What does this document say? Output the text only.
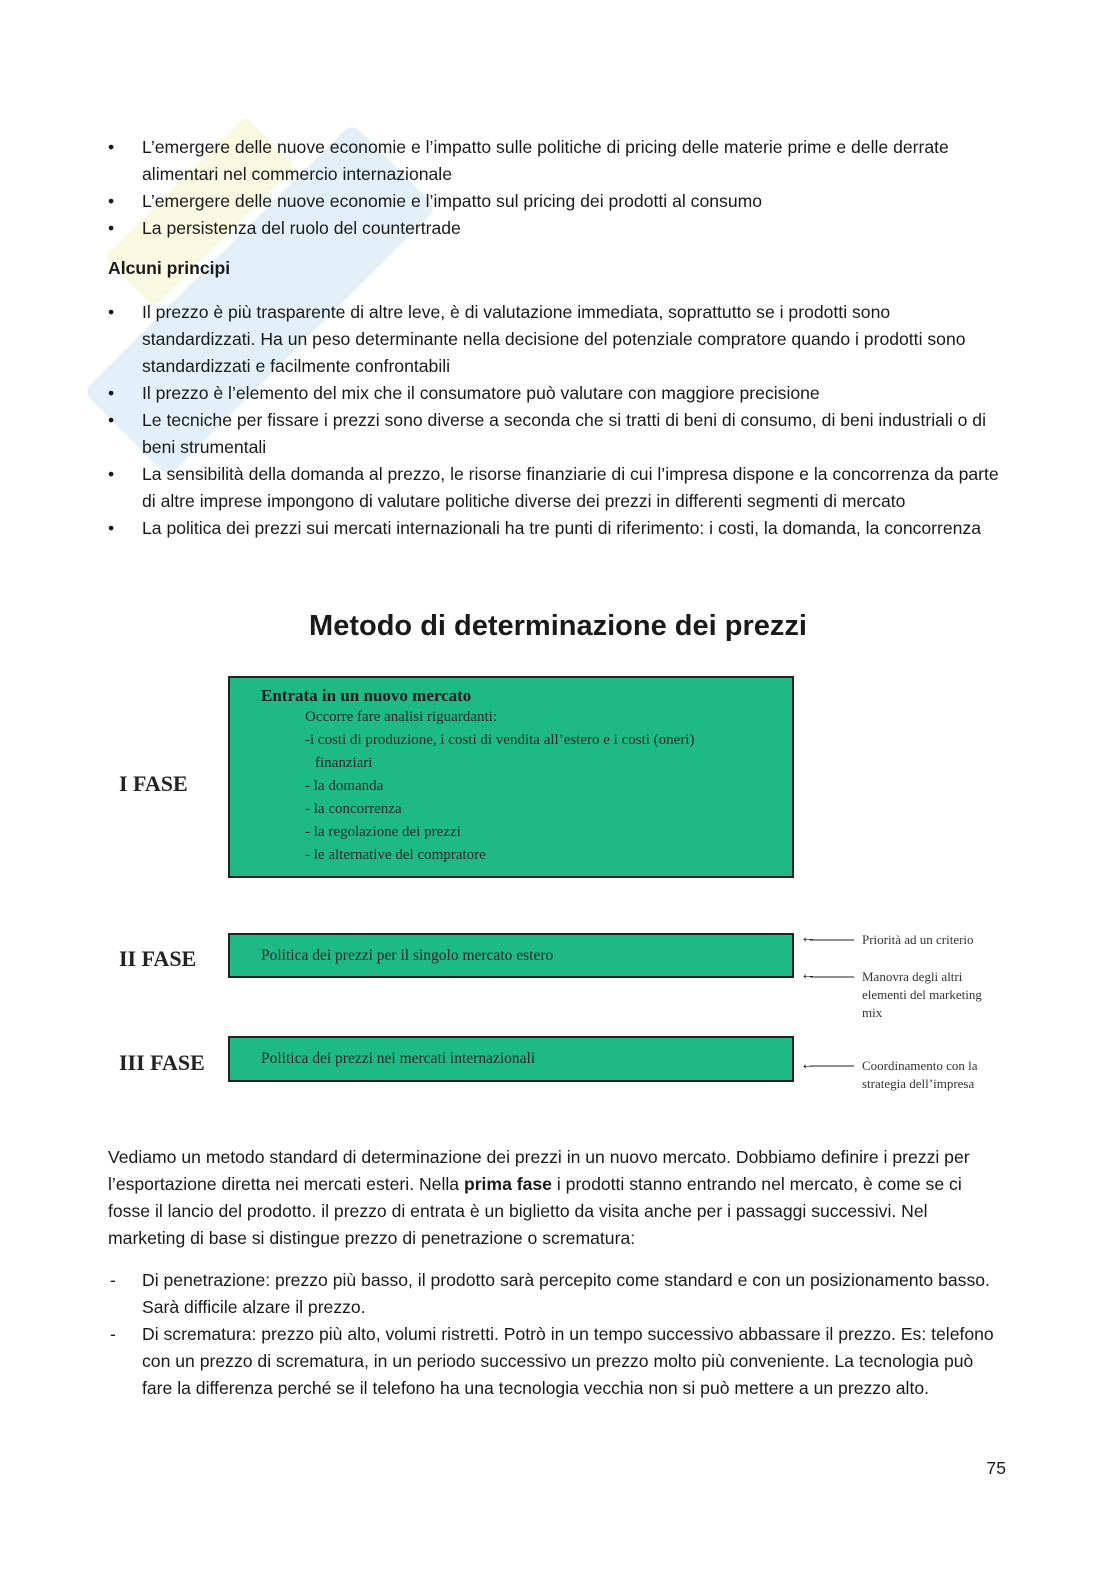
•	L’emergere delle nuove economie e l’impatto sulle politiche di pricing delle materie prime e delle derrate alimentari nel commercio internazionale
•	L’emergere delle nuove economie e l’impatto sul pricing dei prodotti al consumo
•	La persistenza del ruolo del countertrade
Alcuni principi
•	Il prezzo è più trasparente di altre leve, è di valutazione immediata, soprattutto se i prodotti sono standardizzati. Ha un peso determinante nella decisione del potenziale compratore quando i prodotti sono standardizzati e facilmente confrontabili
•	Il prezzo è l’elemento del mix che il consumatore può valutare con maggiore precisione
•	Le tecniche per fissare i prezzi sono diverse a seconda che si tratti di beni di consumo, di beni industriali o di beni strumentali
•	La sensibilità della domanda al prezzo, le risorse finanziarie di cui l’impresa dispone e la concorrenza da parte di altre imprese impongono di valutare politiche diverse dei prezzi in differenti segmenti di mercato
•	La politica dei prezzi sui mercati internazionali ha tre punti di riferimento: i costi, la domanda, la concorrenza
Metodo di determinazione dei prezzi
I FASE
Entrata in un nuovo mercato
Occorre fare analisi riguardanti:
-i costi di produzione, i costi di vendita all’estero e i costi (oneri)
finanziari
- la domanda
- la concorrenza
- la regolazione dei prezzi
- le alternative del compratore
II FASE	Politica dei prezzi per il singolo mercato estero
III FASE	Politica dei prezzi nei mercati internazionali
←
←
←
Priorità ad un criterio
Manovra degli altri elementi del marketing mix
Coordinamento con la strategia dell’impresa
Vediamo un metodo standard di determinazione dei prezzi in un nuovo mercato. Dobbiamo definire i prezzi per l’esportazione diretta nei mercati esteri. Nella prima fase i prodotti stanno entrando nel mercato, è come se ci fosse il lancio del prodotto. il prezzo di entrata è un biglietto da visita anche per i passaggi successivi. Nel marketing di base si distingue prezzo di penetrazione o scrematura:
-	Di penetrazione: prezzo più basso, il prodotto sarà percepito come standard e con un posizionamento basso. Sarà difficile alzare il prezzo.
-	Di scrematura: prezzo più alto, volumi ristretti. Potrò in un tempo successivo abbassare il prezzo. Es: telefono con un prezzo di scrematura, in un periodo successivo un prezzo molto più conveniente. La tecnologia può fare la differenza perché se il telefono ha una tecnologia vecchia non si può mettere a un prezzo alto.
75
